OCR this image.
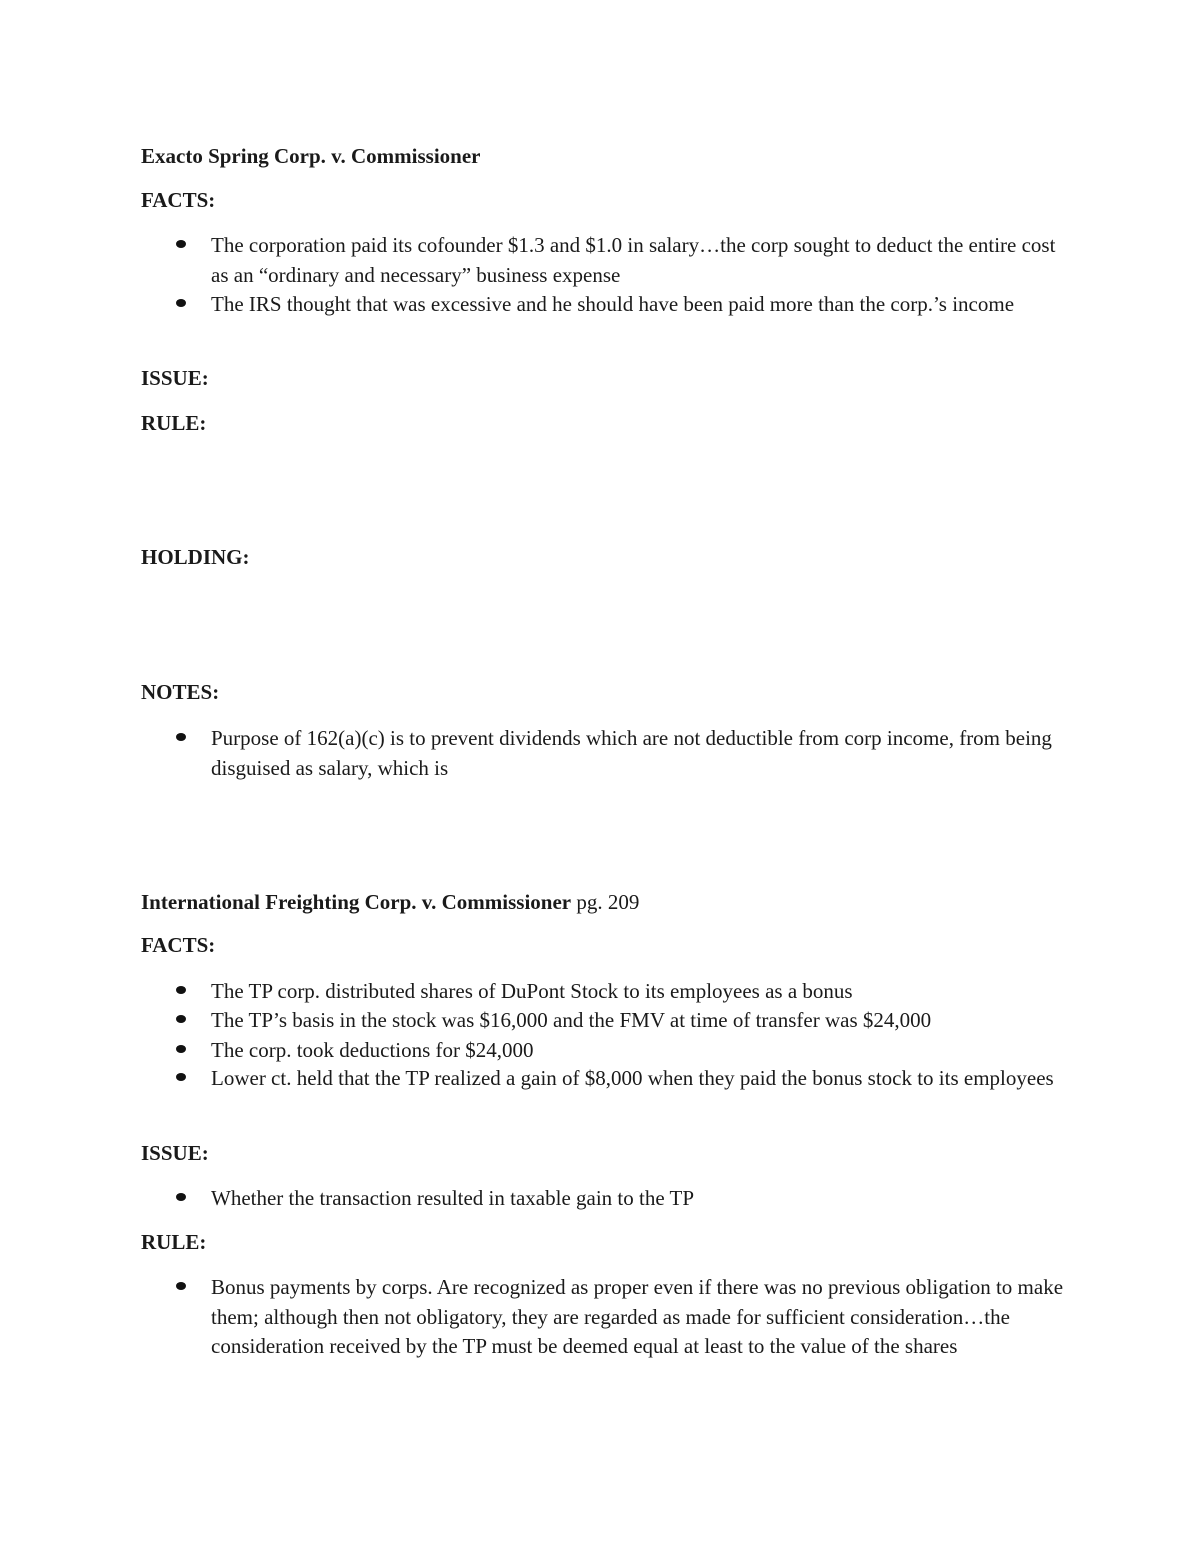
Exacto Spring Corp. v. Commissioner
FACTS:
The corporation paid its cofounder $1.3 and $1.0 in salary…the corp sought to deduct the entire cost as an “ordinary and necessary” business expense
The IRS thought that was excessive and he should have been paid more than the corp.’s income
ISSUE:
RULE:
HOLDING:
NOTES:
Purpose of 162(a)(c) is to prevent dividends which are not deductible from corp income, from being disguised as salary, which is
International Freighting Corp. v. Commissioner pg. 209
FACTS:
The TP corp. distributed shares of DuPont Stock to its employees as a bonus
The TP’s basis in the stock was $16,000 and the FMV at time of transfer was $24,000
The corp. took deductions for $24,000
Lower ct. held that the TP realized a gain of $8,000 when they paid the bonus stock to its employees
ISSUE:
Whether the transaction resulted in taxable gain to the TP
RULE:
Bonus payments by corps. Are recognized as proper even if there was no previous obligation to make them; although then not obligatory, they are regarded as made for sufficient consideration…the consideration received by the TP must be deemed equal at least to the value of the shares
